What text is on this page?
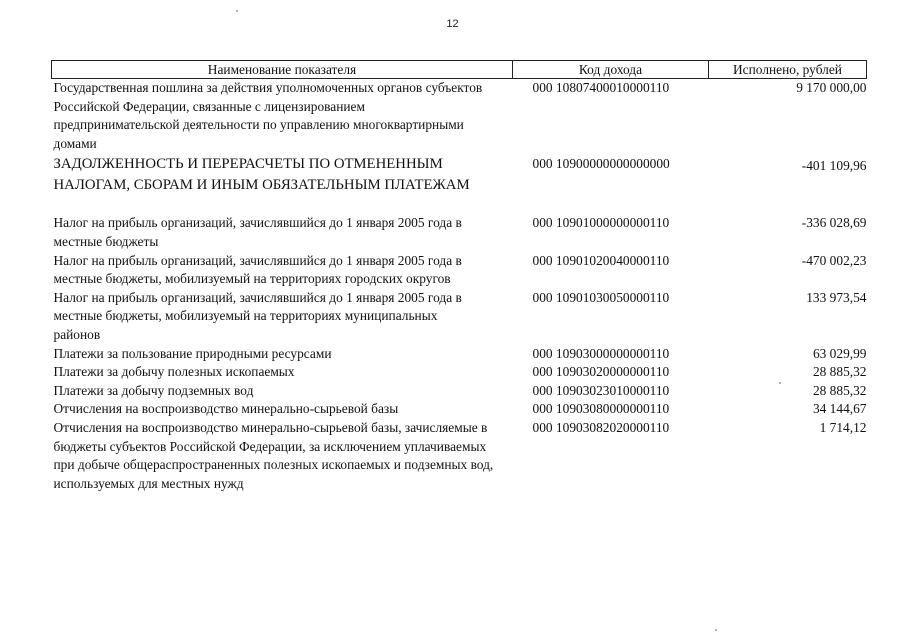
12
Наименование показателя	Код дохода	Исполнено, рублей

Государственная пошлина за действия уполномоченных органов субъектов Российской Федерации, связанные с лицензированием предпринимательской деятельности по управлению многоквартирными домами	000 10807400010000110	9 170 000,00

ЗАДОЛЖЕННОСТЬ И ПЕРЕРАСЧЕТЫ ПО ОТМЕНЕННЫМ НАЛОГАМ, СБОРАМ И ИНЫМ ОБЯЗАТЕЛЬНЫМ ПЛАТЕЖАМ	000 10900000000000000	-401 109,96

Налог на прибыль организаций, зачислявшийся до 1 января 2005 года в местные бюджеты	000 10901000000000110	-336 028,69

Налог на прибыль организаций, зачислявшийся до 1 января 2005 года в местные бюджеты, мобилизуемый на территориях городских округов	000 10901020040000110	-470 002,23

Налог на прибыль организаций, зачислявшийся до 1 января 2005 года в местные бюджеты, мобилизуемый на территориях муниципальных районов	000 10901030050000110	133 973,54
Платежи за пользование природными ресурсами	000 10903000000000110	63 029,99
Платежи за добычу полезных ископаемых	000 10903020000000110	28 885,32
Платежи за добычу подземных вод	000 10903023010000110	28 885,32
Отчисления на воспроизводство минерально-сырьевой базы	000 10903080000000110	34 144,67

Отчисления на воспроизводство минерально-сырьевой базы, зачисляемые в бюджеты субъектов Российской Федерации, за исключением уплачиваемых при добыче общераспространенных полезных ископаемых и подземных вод, используемых для местных нужд	000 10903082020000110	1 714,12
